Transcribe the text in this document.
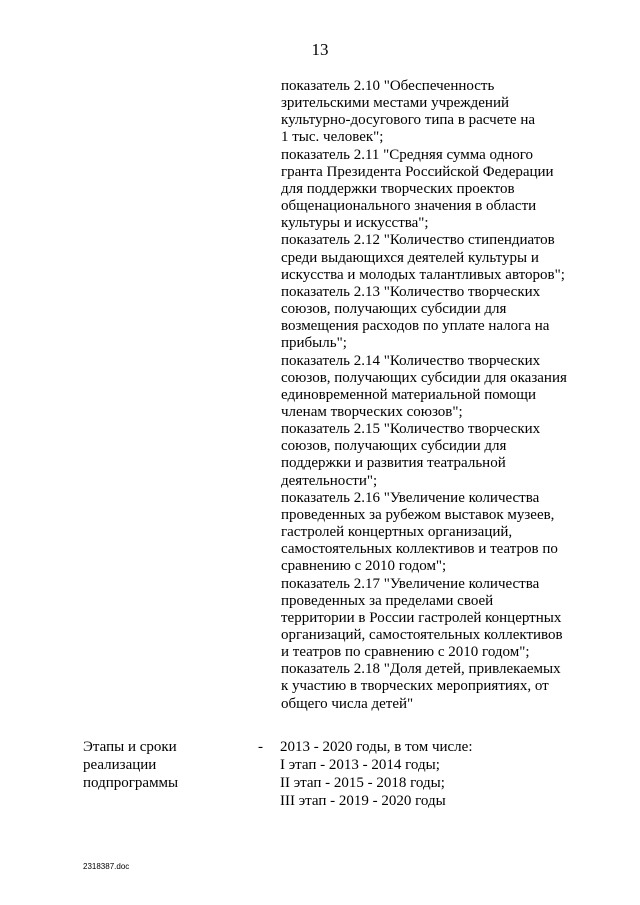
13
показатель 2.10 "Обеспеченность
зрительскими местами учреждений
культурно-досугового типа в расчете на
1 тыс. человек";
показатель 2.11 "Средняя сумма одного
гранта Президента Российской Федерации
для поддержки творческих проектов
общенационального значения в области
культуры и искусства";
показатель 2.12 "Количество стипендиатов
среди выдающихся деятелей культуры и
искусства и молодых талантливых авторов";
показатель 2.13 "Количество творческих
союзов, получающих субсидии для
возмещения расходов по уплате налога на
прибыль";
показатель 2.14 "Количество творческих
союзов, получающих субсидии для оказания
единовременной материальной помощи
членам творческих союзов";
показатель 2.15 "Количество творческих
союзов, получающих субсидии для
поддержки и развития театральной
деятельности";
показатель 2.16 "Увеличение количества
проведенных за рубежом выставок музеев,
гастролей концертных организаций,
самостоятельных коллективов и театров по
сравнению с 2010 годом";
показатель 2.17 "Увеличение количества
проведенных за пределами своей
территории в России гастролей концертных
организаций, самостоятельных коллективов
и театров по сравнению с 2010 годом";
показатель 2.18 "Доля детей, привлекаемых
к участию в творческих мероприятиях, от
общего числа детей"
Этапы и сроки
реализации
подпрограммы
- 2013 - 2020 годы, в том числе:
I этап - 2013 - 2014 годы;
II этап - 2015 - 2018 годы;
III этап - 2019 - 2020 годы
2318387.doc
